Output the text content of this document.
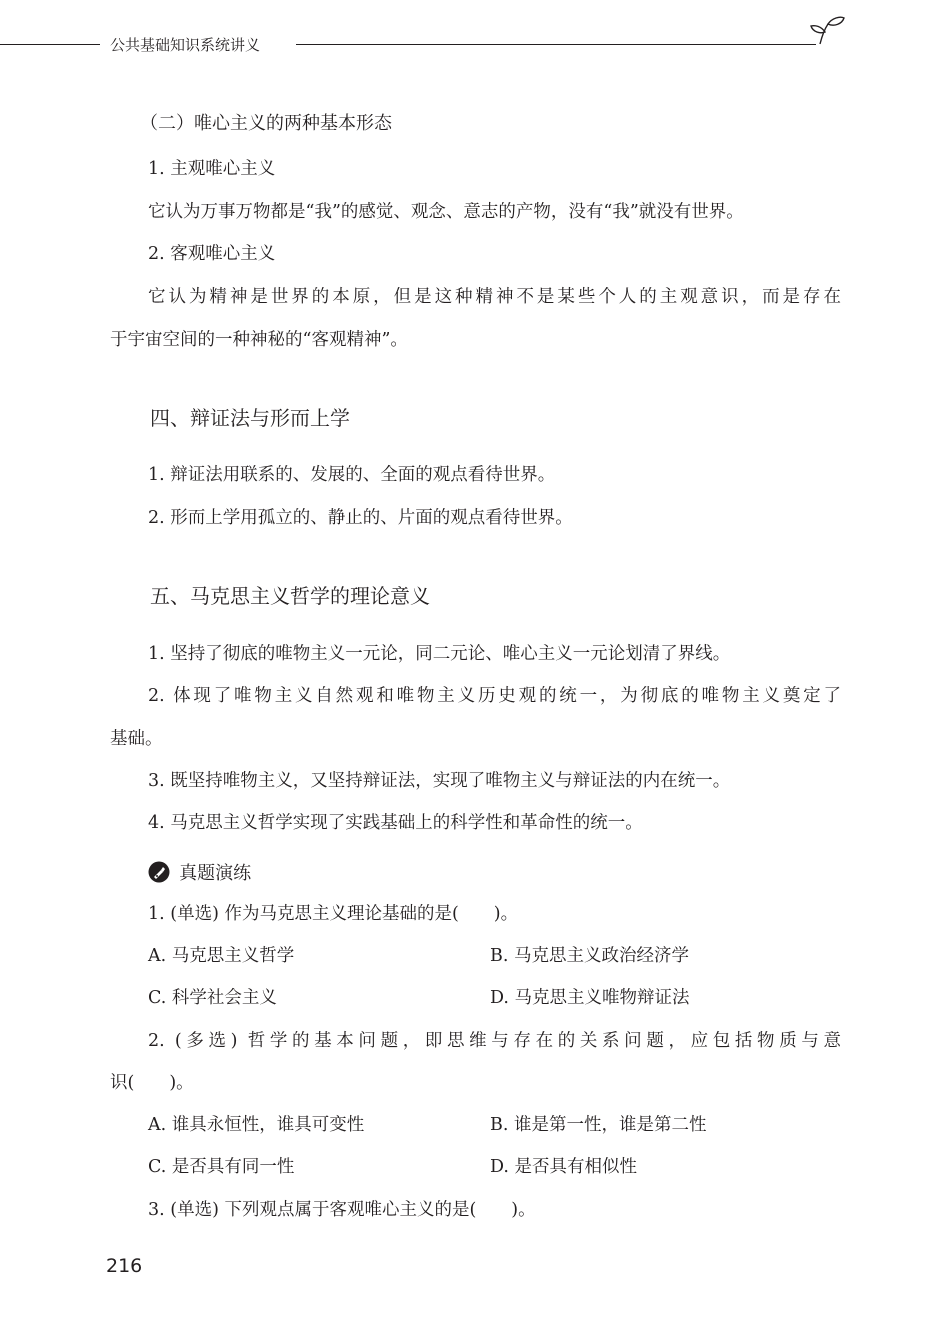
公共基础知识系统讲义
（二）唯心主义的两种基本形态
1. 主观唯心主义
它认为万事万物都是“我”的感觉、观念、意志的产物，没有“我”就没有世界。
2. 客观唯心主义
它认为精神是世界的本原，但是这种精神不是某些个人的主观意识，而是存在
于宇宙空间的一种神秘的“客观精神”。
四、辩证法与形而上学
1. 辩证法用联系的、发展的、全面的观点看待世界。
2. 形而上学用孤立的、静止的、片面的观点看待世界。
五、马克思主义哲学的理论意义
1. 坚持了彻底的唯物主义一元论，同二元论、唯心主义一元论划清了界线。
2. 体现了唯物主义自然观和唯物主义历史观的统一，为彻底的唯物主义奠定了
基础。
3. 既坚持唯物主义，又坚持辩证法，实现了唯物主义与辩证法的内在统一。
4. 马克思主义哲学实现了实践基础上的科学性和革命性的统一。
真题演练
1. (单选) 作为马克思主义理论基础的是(　　)。
A. 马克思主义哲学	B. 马克思主义政治经济学
C. 科学社会主义	D. 马克思主义唯物辩证法
2. (多选) 哲学的基本问题，即思维与存在的关系问题，应包括物质与意
识(　　)。
A. 谁具永恒性，谁具可变性	B. 谁是第一性，谁是第二性
C. 是否具有同一性	D. 是否具有相似性
3. (单选) 下列观点属于客观唯心主义的是(　　)。
216
